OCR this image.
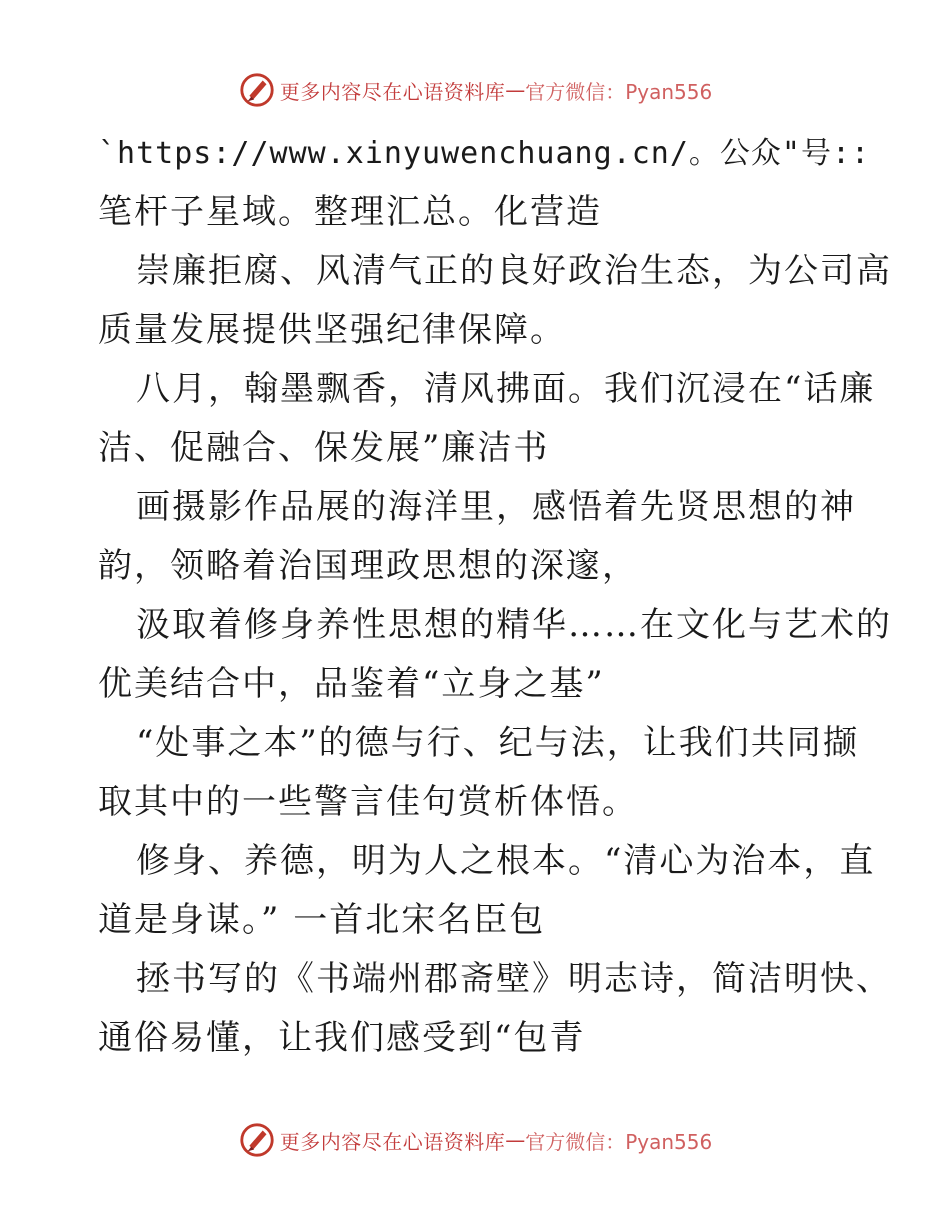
更多内容尽在心语资料库 — 官方微信：Pyan556
`https://www.xinyuwenchuang.cn/。公众"号::
笔杆子星域。整理汇总。化营造
崇廉拒腐、风清气正的良好政治生态，为公司高
质量发展提供坚强纪律保障。
八月，翰墨飘香，清风拂面。我们沉浸在“话廉
洁、促融合、保发展”廉洁书
画摄影作品展的海洋里，感悟着先贤思想的神
韵，领略着治国理政思想的深邃，
汲取着修身养性思想的精华……在文化与艺术的
优美结合中，品鉴着“立身之基”
“处事之本”的德与行、纪与法，让我们共同撷
取其中的一些警言佳句赏析体悟。
修身、养德，明为人之根本。“清心为治本，直
道是身谋。” 一首北宋名臣包
拯书写的《书端州郡斋壁》明志诗，简洁明快、
通俗易懂，让我们感受到“包青
更多内容尽在心语资料库 — 官方微信：Pyan556
